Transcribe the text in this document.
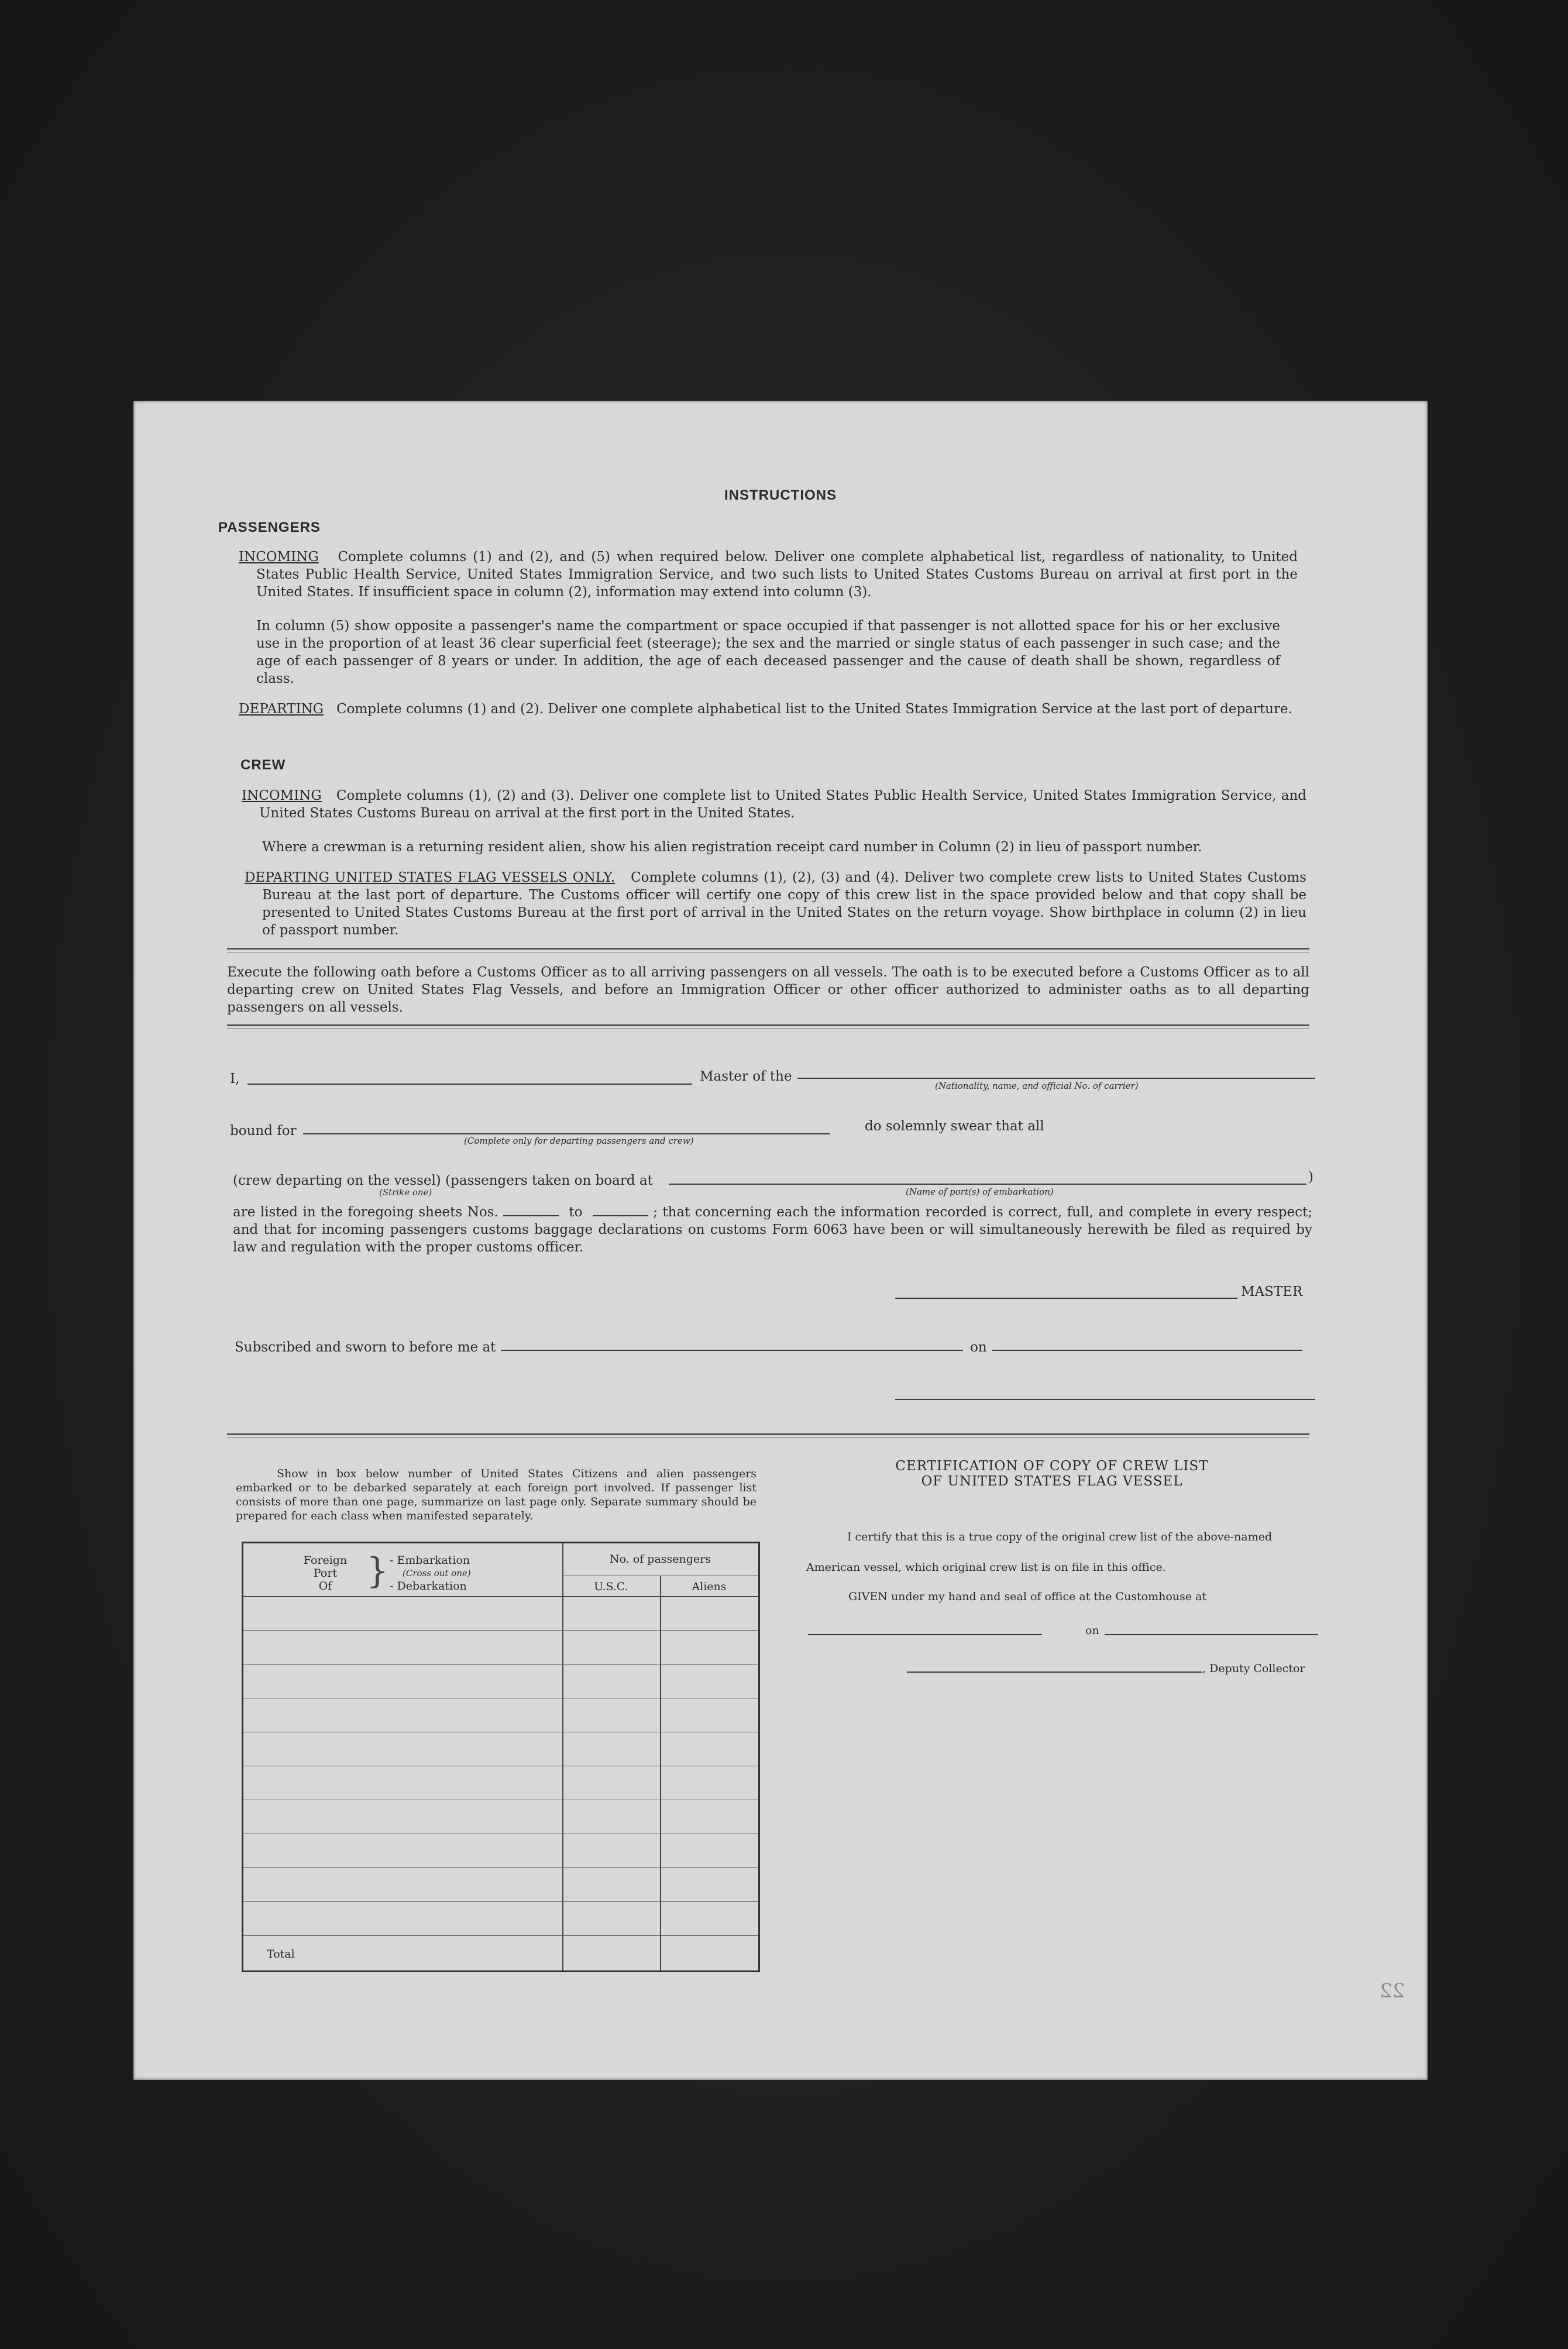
INSTRUCTIONS
PASSENGERS
INCOMING Complete columns (1) and (2), and (5) when required below. Deliver one complete alphabetical list, regardless of nationality, to United States Public Health Service, United States Immigration Service, and two such lists to United States Customs Bureau on arrival at first port in the United States. If insufficient space in column (2), information may extend into column (3).
In column (5) show opposite a passenger's name the compartment or space occupied if that passenger is not allotted space for his or her exclusive use in the proportion of at least 36 clear superficial feet (steerage); the sex and the married or single status of each passenger in such case; and the age of each passenger of 8 years or under. In addition, the age of each deceased passenger and the cause of death shall be shown, regardless of class.
DEPARTING Complete columns (1) and (2). Deliver one complete alphabetical list to the United States Immigration Service at the last port of departure.
CREW
INCOMING Complete columns (1), (2) and (3). Deliver one complete list to United States Public Health Service, United States Immigration Service, and United States Customs Bureau on arrival at the first port in the United States.
Where a crewman is a returning resident alien, show his alien registration receipt card number in Column (2) in lieu of passport number.
DEPARTING UNITED STATES FLAG VESSELS ONLY. Complete columns (1), (2), (3) and (4). Deliver two complete crew lists to United States Customs Bureau at the last port of departure. The Customs officer will certify one copy of this crew list in the space provided below and that copy shall be presented to United States Customs Bureau at the first port of arrival in the United States on the return voyage. Show birthplace in column (2) in lieu of passport number.
Execute the following oath before a Customs Officer as to all arriving passengers on all vessels. The oath is to be executed before a Customs Officer as to all departing crew on United States Flag Vessels, and before an Immigration Officer or other officer authorized to administer oaths as to all departing passengers on all vessels.
I,	Master of the
(Nationality, name, and official No. of carrier)
bound for
(Complete only for departing passengers and crew)
do solemnly swear that all
(crew departing on the vessel) (passengers taken on board at
(Strike one)
)
(Name of port(s) of embarkation)
are listed in the foregoing sheets Nos.	to	; that concerning each the information recorded is correct, full, and complete in every respect; and that for incoming passengers customs baggage declarations on customs Form 6063 have been or will simultaneously herewith be filed as required by law and regulation with the proper customs officer.
MASTER
Subscribed and sworn to before me at	on
Show in box below number of United States Citizens and alien passengers embarked or to be debarked separately at each foreign port involved. If passenger list consists of more than one page, summarize on last page only. Separate summary should be prepared for each class when manifested separately.
Foreign
Port
Of } - Embarkation
(Cross out one)
- Debarkation
No. of passengers
U.S.C.	Aliens
Total
CERTIFICATION OF COPY OF CREW LIST
OF UNITED STATES FLAG VESSEL
I certify that this is a true copy of the original crew list of the above-named
American vessel, which original crew list is on file in this office.
GIVEN under my hand and seal of office at the Customhouse at
on
, Deputy Collector
22
